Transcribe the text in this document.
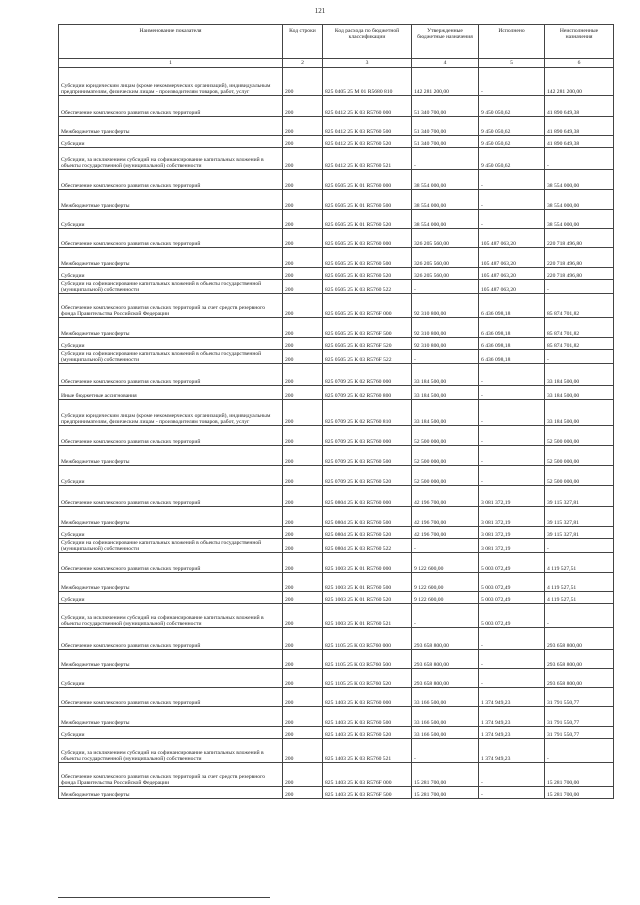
121
Наименование показателя	Код строки	Код расхода по бюджетной классификации	Утвержденные бюджетные назначения	Исполнено	Неисполненные назначения
1	2	3	4	5	6
Субсидии юридическим лицам (кроме некоммерческих организаций), индивидуальным предпринимателям, физическим лицам - производителям товаров, работ, услуг	200	825 0405 25 М 01 R5680 810	142 281 200,00	-	142 281 200,00
Обеспечение комплексного развития сельских территорий	200	825 0412 25 К 03 R5760 000	51 340 700,00	9 450 050,62	41 890 649,38
Межбюджетные трансферты	200	825 0412 25 К 03 R5760 500	51 340 700,00	9 450 050,62	41 890 649,38
Субсидии	200	825 0412 25 К 03 R5760 520	51 340 700,00	9 450 050,62	41 890 649,38
Субсидии, за исключением субсидий на софинансирование капитальных вложений в объекты государственной (муниципальной) собственности	200	825 0412 25 К 03 R5760 521	-	9 450 050,62	-
Обеспечение комплексного развития сельских территорий	200	825 0505 25 К 01 R5760 000	38 554 000,00	-	38 554 000,00
Межбюджетные трансферты	200	825 0505 25 К 01 R5760 500	38 554 000,00	-	38 554 000,00
Субсидии	200	825 0505 25 К 01 R5760 520	38 554 000,00	-	38 554 000,00
Обеспечение комплексного развития сельских территорий	200	825 0505 25 К 03 R5760 000	326 205 560,00	105 487 063,20	220 718 496,80
Межбюджетные трансферты	200	825 0505 25 К 03 R5760 500	326 205 560,00	105 487 063,20	220 718 496,80
Субсидии	200	825 0505 25 К 03 R5760 520	326 205 560,00	105 487 063,20	220 718 496,80
Субсидии на софинансирование капитальных вложений в объекты государственной (муниципальной) собственности	200	825 0505 25 К 03 R5760 522	-	105 487 063,20	-
Обеспечение комплексного развития сельских территорий за счет средств резервного фонда Правительства Российской Федерации	200	825 0505 25 К 03 R576F 000	92 310 800,00	6 436 098,18	85 874 701,82
Межбюджетные трансферты	200	825 0505 25 К 03 R576F 500	92 310 800,00	6 436 098,18	85 874 701,82
Субсидии	200	825 0505 25 К 03 R576F 520	92 310 800,00	6 436 098,18	85 874 701,82
Субсидии на софинансирование капитальных вложений в объекты государственной (муниципальной) собственности	200	825 0505 25 К 03 R576F 522	-	6 436 098,18	-
Обеспечение комплексного развития сельских территорий	200	825 0709 25 К 02 R5760 000	33 184 500,00	-	33 184 500,00
Иные бюджетные ассигнования	200	825 0709 25 К 02 R5760 800	33 184 500,00	-	33 184 500,00
Субсидии юридическим лицам (кроме некоммерческих организаций), индивидуальным предпринимателям, физическим лицам - производителям товаров, работ, услуг	200	825 0709 25 К 02 R5760 810	33 184 500,00	-	33 184 500,00
Обеспечение комплексного развития сельских территорий	200	825 0709 25 К 03 R5760 000	52 500 000,00	-	52 500 000,00
Межбюджетные трансферты	200	825 0709 25 К 03 R5760 500	52 500 000,00	-	52 500 000,00
Субсидии	200	825 0709 25 К 03 R5760 520	52 500 000,00	-	52 500 000,00
Обеспечение комплексного развития сельских территорий	200	825 0804 25 К 03 R5760 000	42 196 700,00	3 081 372,19	39 115 327,81
Межбюджетные трансферты	200	825 0804 25 К 03 R5760 500	42 196 700,00	3 081 372,19	39 115 327,81
Субсидии	200	825 0804 25 К 03 R5760 520	42 196 700,00	3 081 372,19	39 115 327,81
Субсидии на софинансирование капитальных вложений в объекты государственной (муниципальной) собственности	200	825 0804 25 К 03 R5760 522	-	3 081 372,19	-
Обеспечение комплексного развития сельских территорий	200	825 1003 25 К 01 R5760 000	9 122 600,00	5 003 072,49	4 119 527,51
Межбюджетные трансферты	200	825 1003 25 К 01 R5760 500	9 122 600,00	5 003 072,49	4 119 527,51
Субсидии	200	825 1003 25 К 01 R5760 520	9 122 600,00	5 003 072,49	4 119 527,51
Субсидии, за исключением субсидий на софинансирование капитальных вложений в объекты государственной (муниципальной) собственности	200	825 1003 25 К 01 R5760 521	-	5 003 072,49	-
Обеспечение комплексного развития сельских территорий	200	825 1105 25 К 03 R5760 000	293 658 800,00	-	293 658 800,00
Межбюджетные трансферты	200	825 1105 25 К 03 R5760 500	293 658 800,00	-	293 658 800,00
Субсидии	200	825 1105 25 К 03 R5760 520	293 658 800,00	-	293 658 800,00
Обеспечение комплексного развития сельских территорий	200	825 1403 25 К 03 R5760 000	33 166 500,00	1 374 949,23	31 791 550,77
Межбюджетные трансферты	200	825 1403 25 К 03 R5760 500	33 166 500,00	1 374 949,23	31 791 550,77
Субсидии	200	825 1403 25 К 03 R5760 520	33 166 500,00	1 374 949,23	31 791 550,77
Субсидии, за исключением субсидий на софинансирование капитальных вложений в объекты государственной (муниципальной) собственности	200	825 1403 25 К 03 R5760 521	-	1 374 949,23	-
Обеспечение комплексного развития сельских территорий за счет средств резервного фонда Правительства Российской Федерации	200	825 1403 25 К 03 R576F 000	15 281 700,00	-	15 281 700,00
Межбюджетные трансферты	200	825 1403 25 К 03 R576F 500	15 281 700,00	-	15 281 700,00
